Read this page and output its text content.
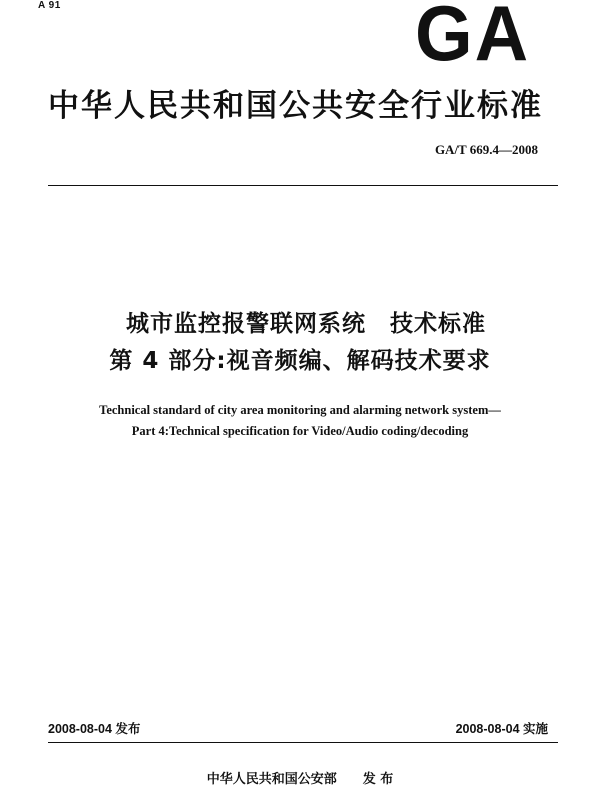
A 91	GA
中华人民共和国公共安全行业标准
GA/T 669.4—2008
城市监控报警联网系统　技术标准
第 4 部分:视音频编、解码技术要求
Technical standard of city area monitoring and alarming network system—
Part 4:Technical specification for Video/Audio coding/decoding
2008-08-04 发布	2008-08-04 实施
中华人民共和国公安部 发 布
